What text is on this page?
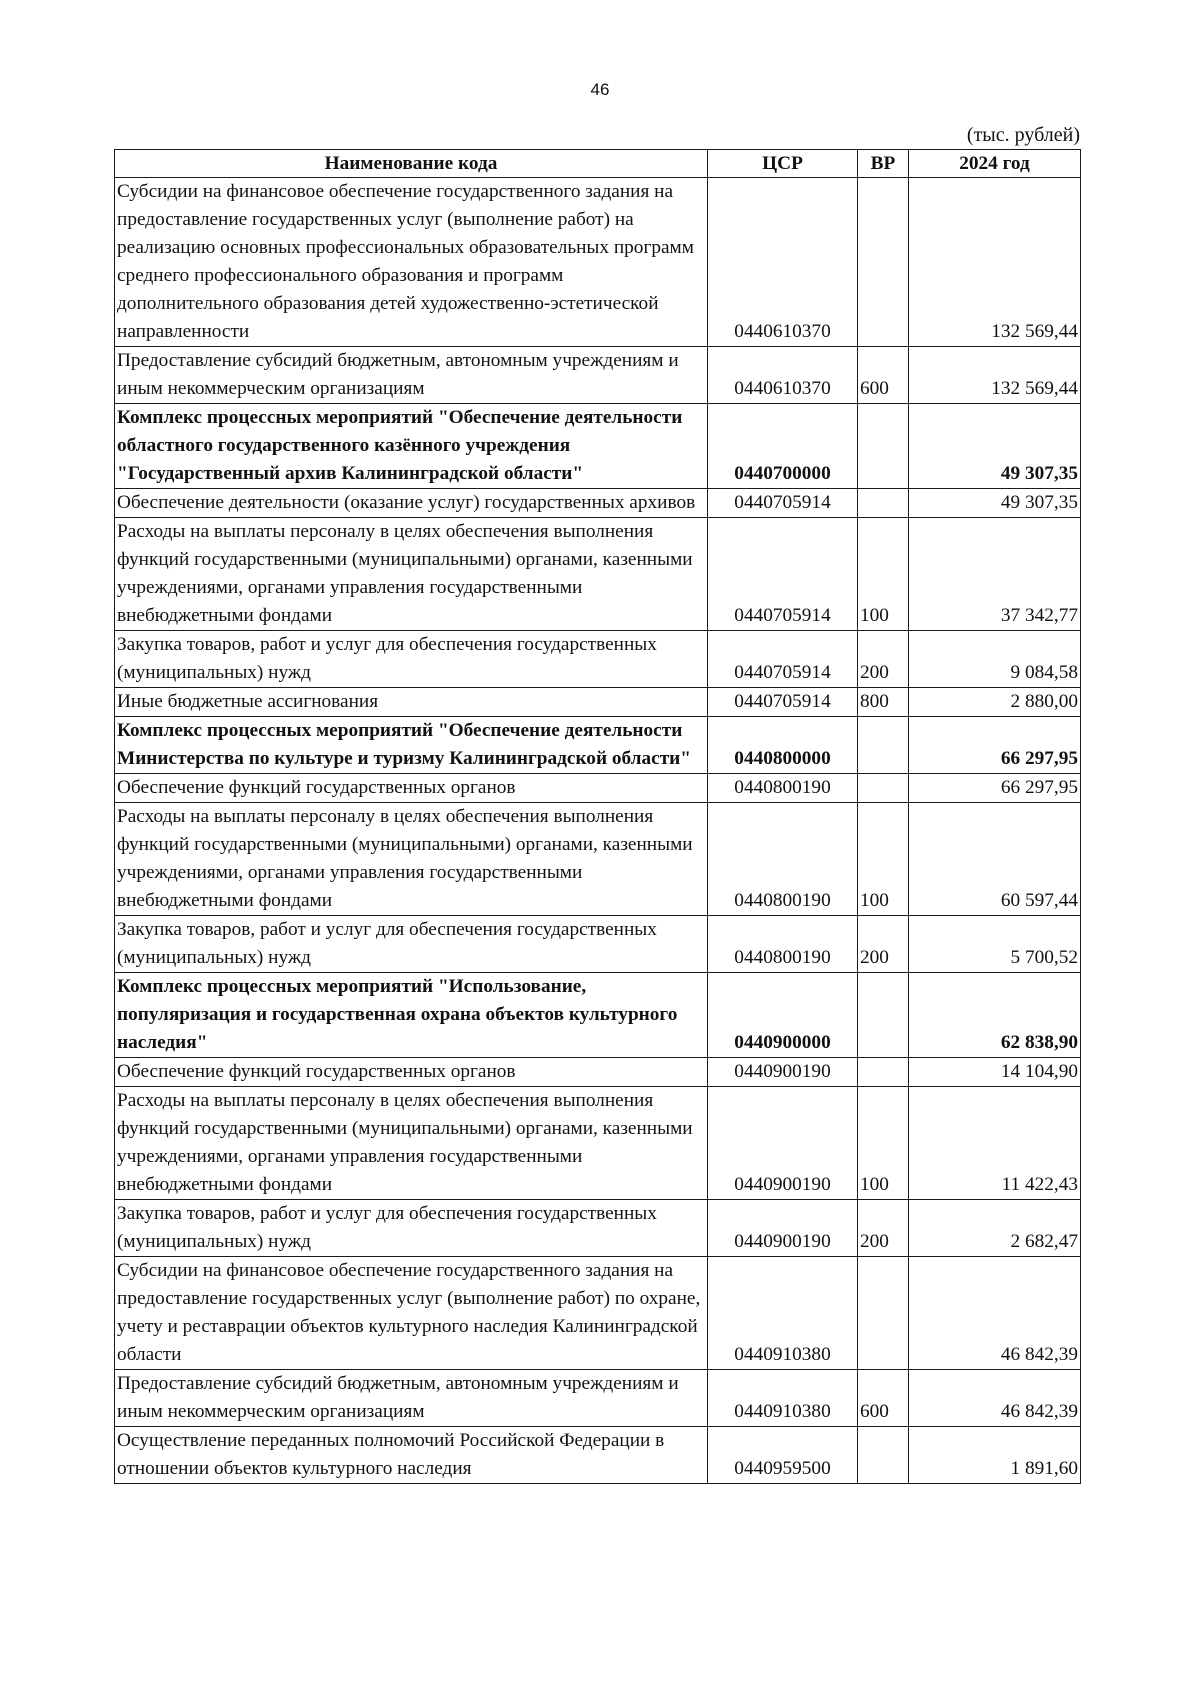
46
(тыс. рублей)
Наименование кода	ЦСР	ВР	2024 год
Субсидии на финансовое обеспечение государственного задания на предоставление государственных услуг (выполнение работ) на реализацию основных профессиональных образовательных программ среднего профессионального образования и программ дополнительного образования детей художественно-эстетической направленности	0440610370		132 569,44
Предоставление субсидий бюджетным, автономным учреждениям и иным некоммерческим организациям	0440610370	600	132 569,44
Комплекс процессных мероприятий "Обеспечение деятельности областного государственного казённого учреждения "Государственный архив Калининградской области"	0440700000		49 307,35
Обеспечение деятельности (оказание услуг) государственных архивов	0440705914		49 307,35
Расходы на выплаты персоналу в целях обеспечения выполнения функций государственными (муниципальными) органами, казенными учреждениями, органами управления государственными внебюджетными фондами	0440705914	100	37 342,77
Закупка товаров, работ и услуг для обеспечения государственных (муниципальных) нужд	0440705914	200	9 084,58
Иные бюджетные ассигнования	0440705914	800	2 880,00
Комплекс процессных мероприятий "Обеспечение деятельности Министерства по культуре и туризму Калининградской области"	0440800000		66 297,95
Обеспечение функций государственных органов	0440800190		66 297,95
Расходы на выплаты персоналу в целях обеспечения выполнения функций государственными (муниципальными) органами, казенными учреждениями, органами управления государственными внебюджетными фондами	0440800190	100	60 597,44
Закупка товаров, работ и услуг для обеспечения государственных (муниципальных) нужд	0440800190	200	5 700,52
Комплекс процессных мероприятий "Использование, популяризация и государственная охрана объектов культурного наследия"	0440900000		62 838,90
Обеспечение функций государственных органов	0440900190		14 104,90
Расходы на выплаты персоналу в целях обеспечения выполнения функций государственными (муниципальными) органами, казенными учреждениями, органами управления государственными внебюджетными фондами	0440900190	100	11 422,43
Закупка товаров, работ и услуг для обеспечения государственных (муниципальных) нужд	0440900190	200	2 682,47
Субсидии на финансовое обеспечение государственного задания на предоставление государственных услуг (выполнение работ) по охране, учету и реставрации объектов культурного наследия Калининградской области	0440910380		46 842,39
Предоставление субсидий бюджетным, автономным учреждениям и иным некоммерческим организациям	0440910380	600	46 842,39
Осуществление переданных полномочий Российской Федерации в отношении объектов культурного наследия	0440959500		1 891,60
